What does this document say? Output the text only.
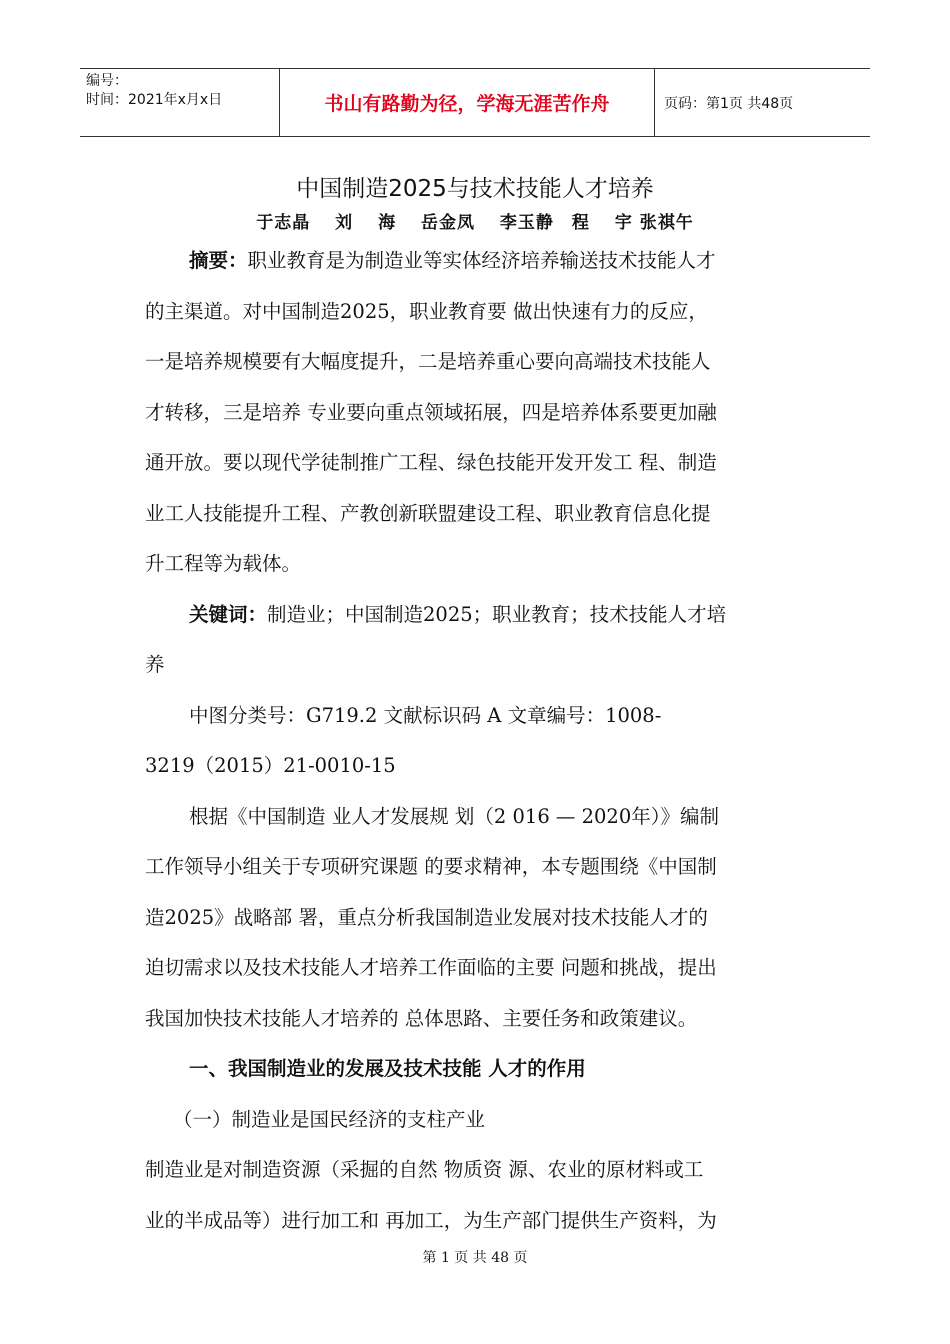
编号：
时间：2021年x月x日	书山有路勤为径，学海无涯苦作舟	页码：第1页 共48页
中国制造2025与技术技能人才培养
于志晶　 刘　 海　 岳金凤　 李玉静　程　 宇 张祺午
摘要：职业教育是为制造业等实体经济培养输送技术技能人才
的主渠道。对中国制造2025，职业教育要 做出快速有力的反应，
一是培养规模要有大幅度提升，二是培养重心要向高端技术技能人
才转移，三是培养 专业要向重点领域拓展，四是培养体系要更加融
通开放。要以现代学徒制推广工程、绿色技能开发开发工 程、制造
业工人技能提升工程、产教创新联盟建设工程、职业教育信息化提
升工程等为载体。
关键词：制造业；中国制造2025；职业教育；技术技能人才培
养
中图分类号：G719.2 文献标识码 A 文章编号：1008-
3219（2015）21-0010-15
根据《中国制造 业人才发展规 划（2 016 — 2020年）》编制
工作领导小组关于专项研究课题 的要求精神，本专题围绕《中国制
造2025》战略部 署，重点分析我国制造业发展对技术技能人才的
迫切需求以及技术技能人才培养工作面临的主要 问题和挑战，提出
我国加快技术技能人才培养的 总体思路、主要任务和政策建议。
一、我国制造业的发展及技术技能 人才的作用
（一）制造业是国民经济的支柱产业
制造业是对制造资源（采掘的自然 物质资 源、农业的原材料或工
业的半成品等）进行加工和 再加工，为生产部门提供生产资料，为
第 1 页 共 48 页
